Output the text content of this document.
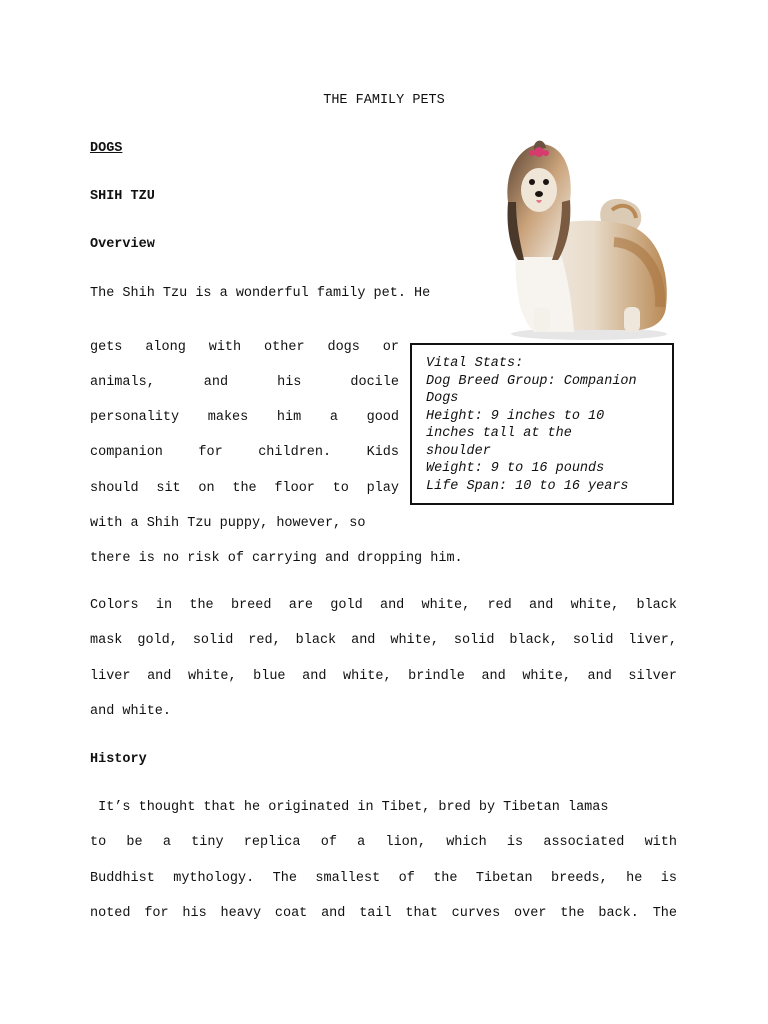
THE FAMILY PETS
DOGS
SHIH TZU
Overview
The Shih Tzu is a wonderful family pet. He
gets along with other dogs or
animals, and his docile
personality makes him a good
companion for children. Kids
should sit on the floor to play
with a Shih Tzu puppy, however, so
there is no risk of carrying and dropping him.
Colors in the breed are gold and white, red and white, black
mask gold, solid red, black and white, solid black, solid liver,
liver and white, blue and white, brindle and white, and silver
and white.
History
It’s thought that he originated in Tibet, bred by Tibetan lamas
to be a tiny replica of a lion, which is associated with
Buddhist mythology. The smallest of the Tibetan breeds, he is
noted for his heavy coat and tail that curves over the back. The
Vital Stats:
Dog Breed Group: Companion
Dogs
Height: 9 inches to 10
inches tall at the
shoulder
Weight: 9 to 16 pounds
Life Span: 10 to 16 years
